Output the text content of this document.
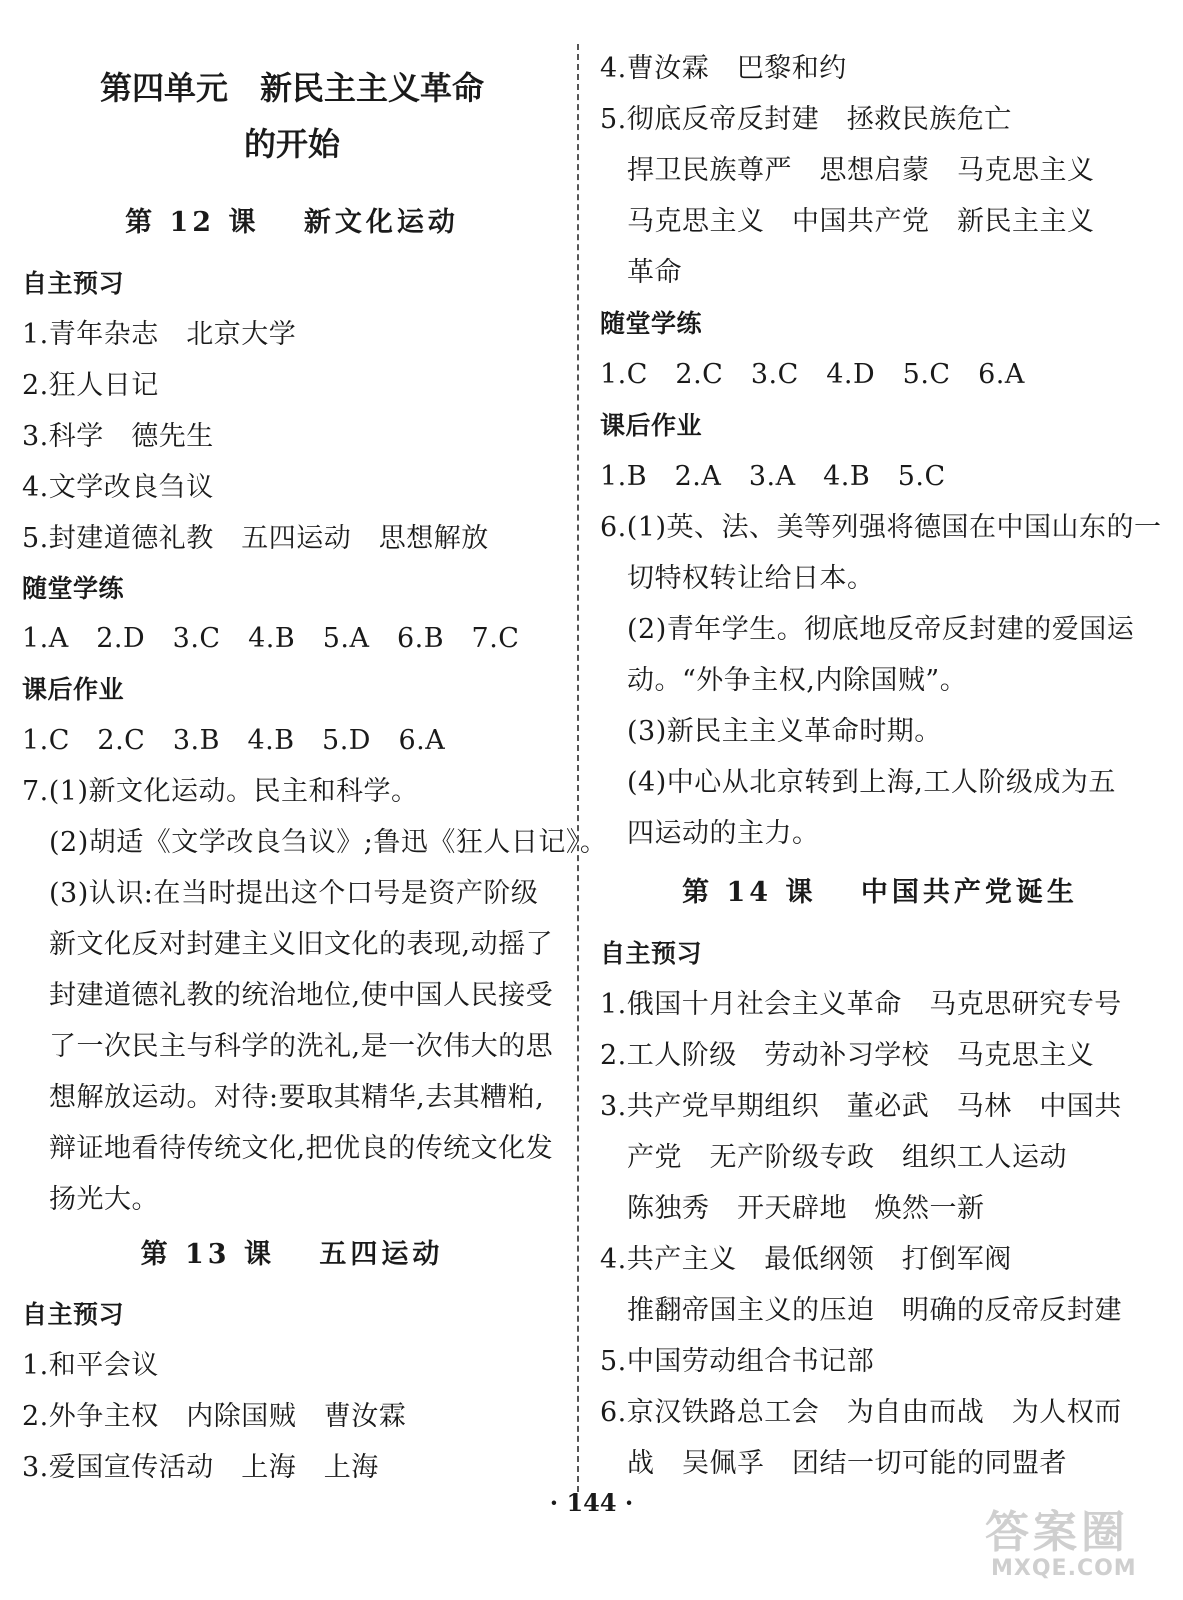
第四单元　新民主主义革命
的开始
第 12 课　 新文化运动
自主预习
1.青年杂志　北京大学
2.狂人日记
3.科学　德先生
4.文学改良刍议
5.封建道德礼教　五四运动　思想解放
随堂学练
1.A　2.D　3.C　4.B　5.A　6.B　7.C
课后作业
1.C　2.C　3.B　4.B　5.D　6.A
7.(1)新文化运动。民主和科学。
(2)胡适《文学改良刍议》;鲁迅《狂人日记》。
(3)认识:在当时提出这个口号是资产阶级
新文化反对封建主义旧文化的表现,动摇了
封建道德礼教的统治地位,使中国人民接受
了一次民主与科学的洗礼,是一次伟大的思
想解放运动。对待:要取其精华,去其糟粕,
辩证地看待传统文化,把优良的传统文化发
扬光大。
第 13 课　 五四运动
自主预习
1.和平会议
2.外争主权　内除国贼　曹汝霖
3.爱国宣传活动　上海　上海
4.曹汝霖　巴黎和约
5.彻底反帝反封建　拯救民族危亡
捍卫民族尊严　思想启蒙　马克思主义
马克思主义　中国共产党　新民主主义
革命
随堂学练
1.C　2.C　3.C　4.D　5.C　6.A
课后作业
1.B　2.A　3.A　4.B　5.C
6.(1)英、法、美等列强将德国在中国山东的一
切特权转让给日本。
(2)青年学生。彻底地反帝反封建的爱国运
动。“外争主权,内除国贼”。
(3)新民主主义革命时期。
(4)中心从北京转到上海,工人阶级成为五
四运动的主力。
第 14 课　 中国共产党诞生
自主预习
1.俄国十月社会主义革命　马克思研究专号
2.工人阶级　劳动补习学校　马克思主义
3.共产党早期组织　董必武　马林　中国共
产党　无产阶级专政　组织工人运动
陈独秀　开天辟地　焕然一新
4.共产主义　最低纲领　打倒军阀
推翻帝国主义的压迫　明确的反帝反封建
5.中国劳动组合书记部
6.京汉铁路总工会　为自由而战　为人权而
战　吴佩孚　团结一切可能的同盟者
· 144 ·
答案圈
MXQE.COM
